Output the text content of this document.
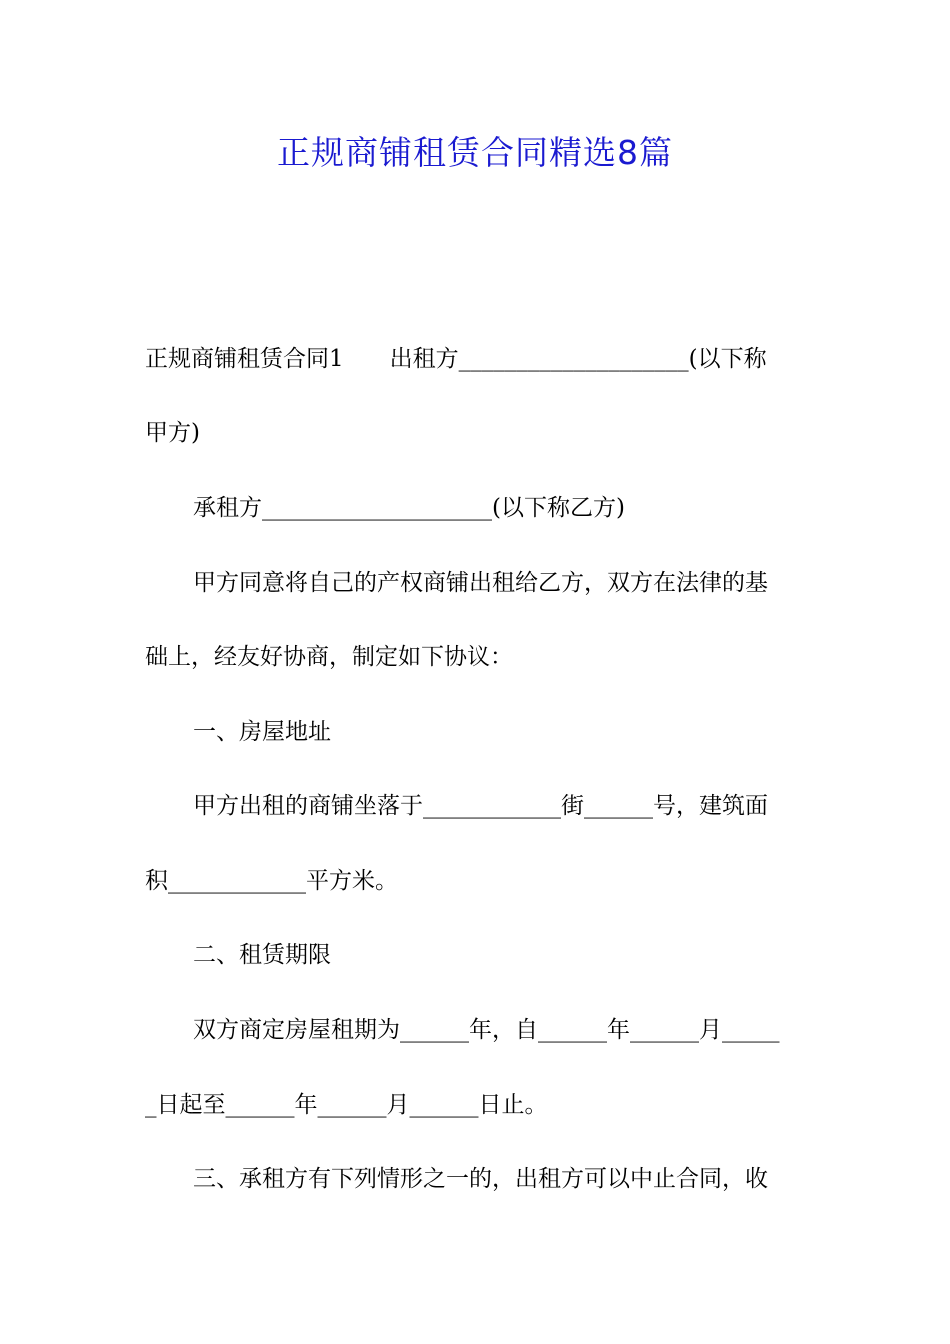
正规商铺租赁合同精选8篇
正规商铺租赁合同1　　出租方____________________(以下称
甲方)
承租方____________________(以下称乙方)
甲方同意将自己的产权商铺出租给乙方，双方在法律的基
础上，经友好协商，制定如下协议：
一、房屋地址
甲方出租的商铺坐落于____________街______号，建筑面
积____________平方米。
二、租赁期限
双方商定房屋租期为______年，自______年______月_____
_日起至______年______月______日止。
三、承租方有下列情形之一的，出租方可以中止合同，收
